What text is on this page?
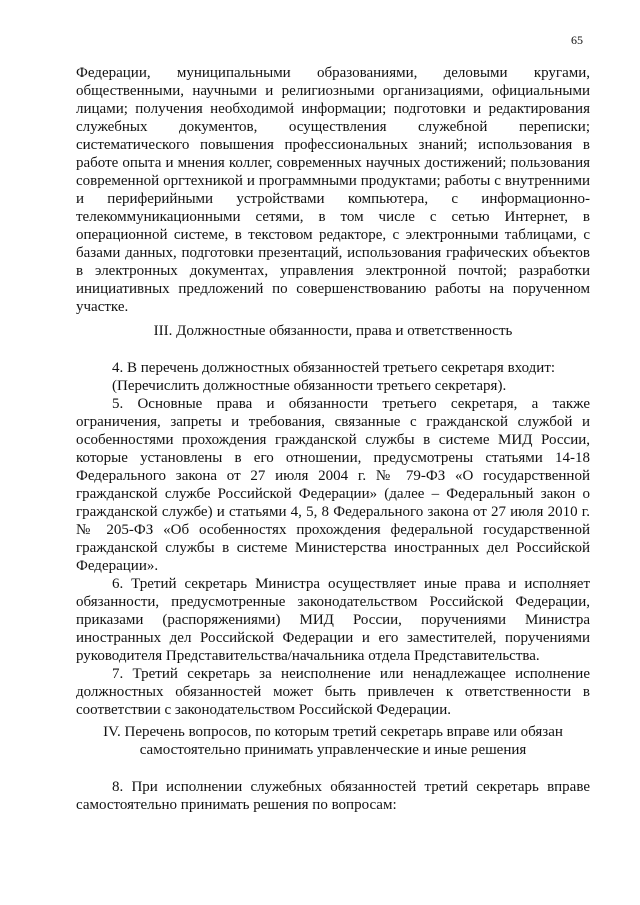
65
Федерации, муниципальными образованиями, деловыми кругами,
общественными, научными и религиозными организациями, официальными
лицами; получения необходимой информации; подготовки и редактирования
служебных документов, осуществления служебной переписки;
систематического повышения профессиональных знаний; использования в
работе опыта и мнения коллег, современных научных достижений; пользования
современной оргтехникой и программными продуктами; работы с внутренними
и периферийными устройствами компьютера, с информационно-
телекоммуникационными сетями, в том числе с сетью Интернет, в
операционной системе, в текстовом редакторе, с электронными таблицами, с
базами данных, подготовки презентаций, использования графических объектов
в электронных документах, управления электронной почтой; разработки
инициативных предложений по совершенствованию работы на порученном
участке.
III. Должностные обязанности, права и ответственность
4. В перечень должностных обязанностей третьего секретаря входит:
(Перечислить должностные обязанности третьего секретаря).
5. Основные права и обязанности третьего секретаря, а также
ограничения, запреты и требования, связанные с гражданской службой и
особенностями прохождения гражданской службы в системе МИД России,
которые установлены в его отношении, предусмотрены статьями 14-18
Федерального закона от 27 июля 2004 г. № 79-ФЗ «О государственной
гражданской службе Российской Федерации» (далее – Федеральный закон о
гражданской службе) и статьями 4, 5, 8 Федерального закона от 27 июля 2010 г.
№ 205-ФЗ «Об особенностях прохождения федеральной государственной
гражданской службы в системе Министерства иностранных дел Российской
Федерации».
6. Третий секретарь Министра осуществляет иные права и исполняет
обязанности, предусмотренные законодательством Российской Федерации,
приказами (распоряжениями) МИД России, поручениями Министра
иностранных дел Российской Федерации и его заместителей, поручениями
руководителя Представительства/начальника отдела Представительства.
7. Третий секретарь за неисполнение или ненадлежащее исполнение
должностных обязанностей может быть привлечен к ответственности в
соответствии с законодательством Российской Федерации.
IV. Перечень вопросов, по которым третий секретарь вправе или обязан
самостоятельно принимать управленческие и иные решения
8. При исполнении служебных обязанностей третий секретарь вправе
самостоятельно принимать решения по вопросам:
